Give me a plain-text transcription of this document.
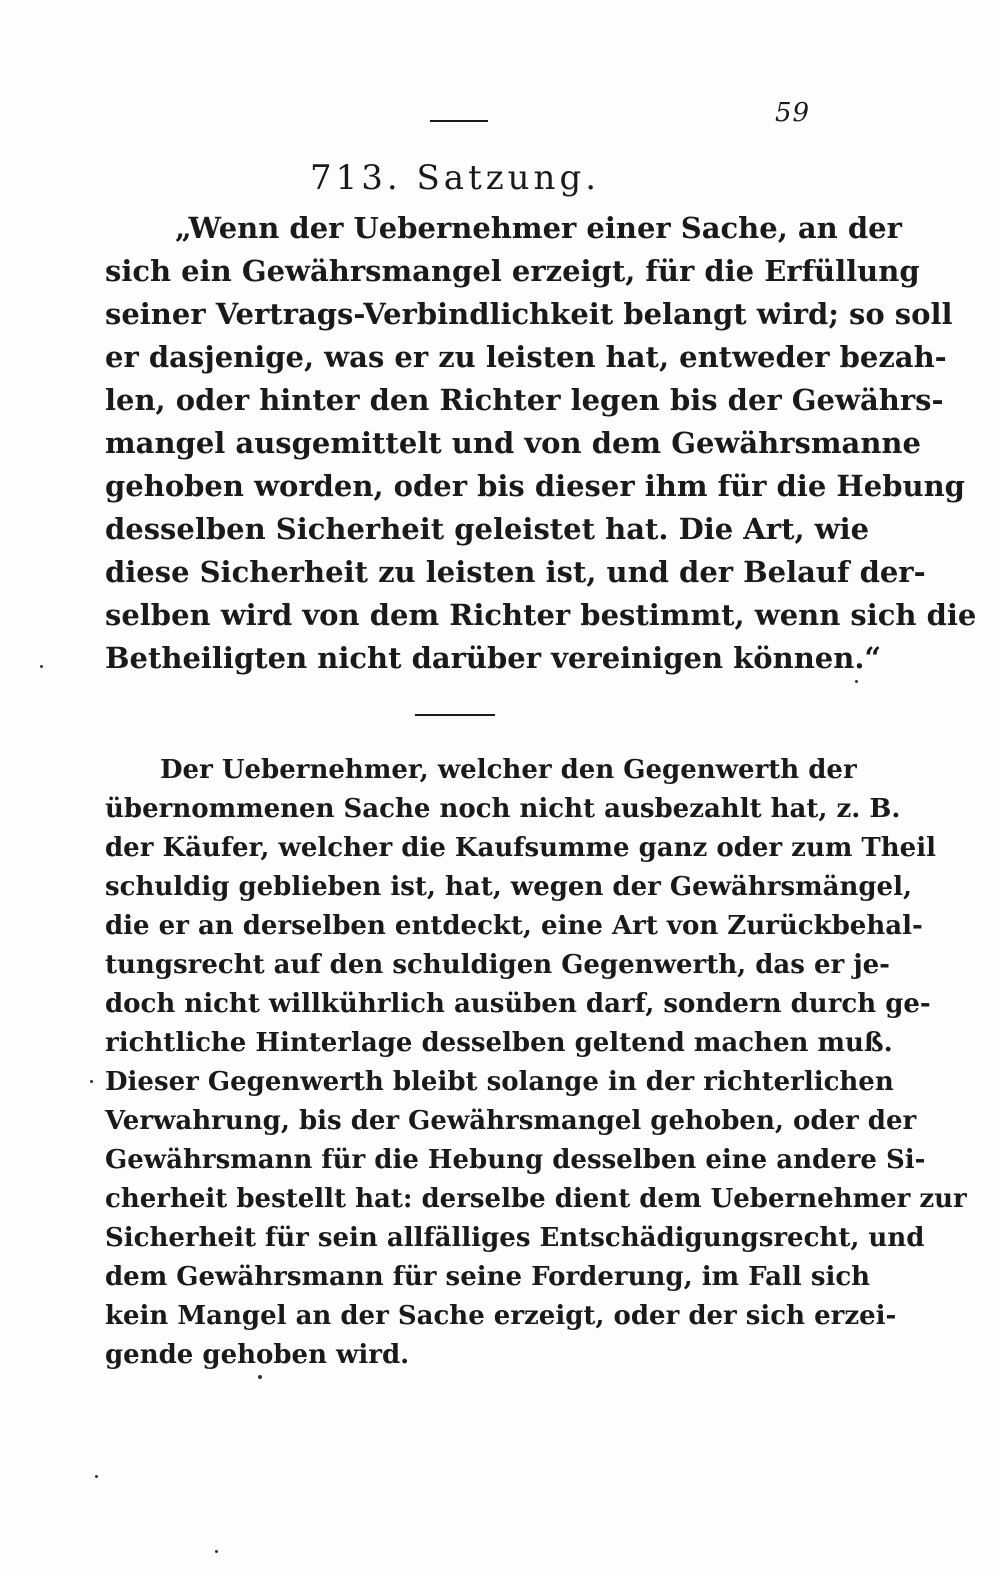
59
713. Satzung.
„Wenn der Uebernehmer einer Sache, an der
sich ein Gewährsmangel erzeigt, für die Erfüllung
seiner Vertrags-Verbindlichkeit belangt wird; so soll
er dasjenige, was er zu leisten hat, entweder bezah-
len, oder hinter den Richter legen bis der Gewährs-
mangel ausgemittelt und von dem Gewährsmanne
gehoben worden, oder bis dieser ihm für die Hebung
desselben Sicherheit geleistet hat. Die Art, wie
diese Sicherheit zu leisten ist, und der Belauf der-
selben wird von dem Richter bestimmt, wenn sich die
Betheiligten nicht darüber vereinigen können.“
Der Uebernehmer, welcher den Gegenwerth der
übernommenen Sache noch nicht ausbezahlt hat, z. B.
der Käufer, welcher die Kaufsumme ganz oder zum Theil
schuldig geblieben ist, hat, wegen der Gewährsmängel,
die er an derselben entdeckt, eine Art von Zurückbehal-
tungsrecht auf den schuldigen Gegenwerth, das er je-
doch nicht willkührlich ausüben darf, sondern durch ge-
richtliche Hinterlage desselben geltend machen muß.
Dieser Gegenwerth bleibt solange in der richterlichen
Verwahrung, bis der Gewährsmangel gehoben, oder der
Gewährsmann für die Hebung desselben eine andere Si-
cherheit bestellt hat: derselbe dient dem Uebernehmer zur
Sicherheit für sein allfälliges Entschädigungsrecht, und
dem Gewährsmann für seine Forderung, im Fall sich
kein Mangel an der Sache erzeigt, oder der sich erzei-
gende gehoben wird.
